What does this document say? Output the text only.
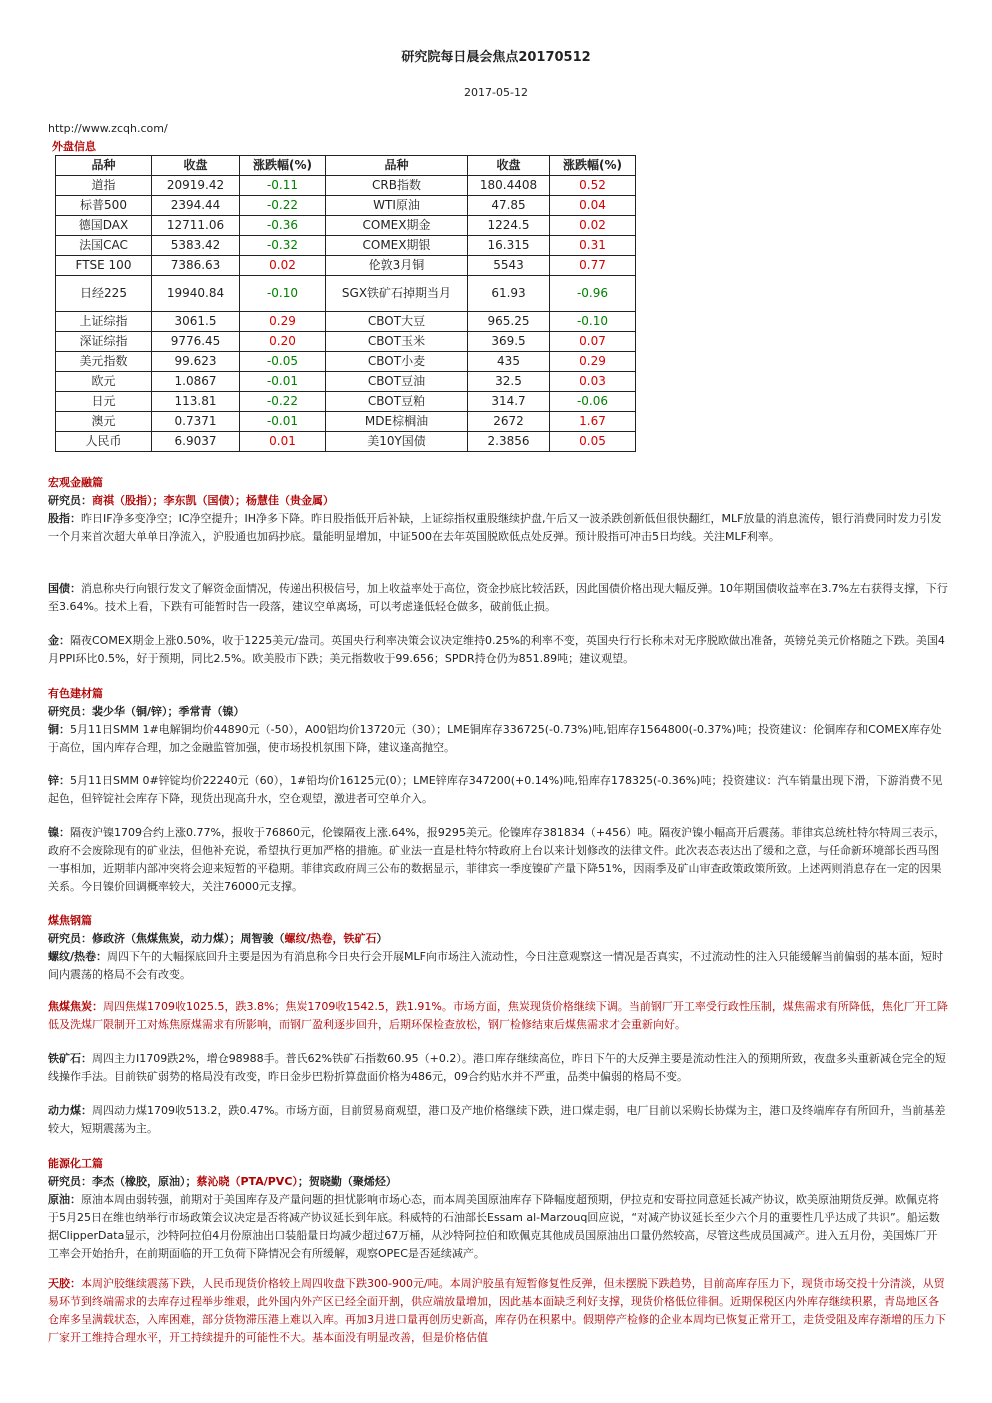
研究院每日晨会焦点20170512
2017-05-12
http://www.zcqh.com/
外盘信息
品种	收盘	涨跌幅(%)	品种	收盘	涨跌幅(%)
道指	20919.42	-0.11	CRB指数	180.4408	0.52
标普500	2394.44	-0.22	WTI原油	47.85	0.04
德国DAX	12711.06	-0.36	COMEX期金	1224.5	0.02
法国CAC	5383.42	-0.32	COMEX期银	16.315	0.31
FTSE 100	7386.63	0.02	伦敦3月铜	5543	0.77
日经225	19940.84	-0.10	SGX铁矿石掉期当月	61.93	-0.96
上证综指	3061.5	0.29	CBOT大豆	965.25	-0.10
深证综指	9776.45	0.20	CBOT玉米	369.5	0.07
美元指数	99.623	-0.05	CBOT小麦	435	0.29
欧元	1.0867	-0.01	CBOT豆油	32.5	0.03
日元	113.81	-0.22	CBOT豆粕	314.7	-0.06
澳元	0.7371	-0.01	MDE棕榈油	2672	1.67
人民币	6.9037	0.01	美10Y国债	2.3856	0.05
宏观金融篇
研究员：商祺（股指）；李东凯（国债）；杨慧佳（贵金属）

股指：昨日IF净多变净空；IC净空提升；IH净多下降。昨日股指低开后补缺，上证综指权重股继续护盘,午后又一波杀跌创新低但很快翻红，MLF放量的消息流传，银行消费同时发力引发一个月来首次超大单单日净流入，沪股通也加码抄底。量能明显增加，中证500在去年英国脱欧低点处反弹。预计股指可冲击5日均线。关注MLF利率。

国债：消息称央行向银行发文了解资金面情况，传递出积极信号，加上收益率处于高位，资金抄底比较活跃，因此国债价格出现大幅反弹。10年期国债收益率在3.7%左右获得支撑，下行至3.64%。技术上看，下跌有可能暂时告一段落，建议空单离场，可以考虑逢低轻仓做多，破前低止损。

金：隔夜COMEX期金上涨0.50%，收于1225美元/盎司。英国央行利率决策会议决定维持0.25%的利率不变，英国央行行长称未对无序脱欧做出准备，英镑兑美元价格随之下跌。美国4月PPI环比0.5%，好于预期，同比2.5%。欧美股市下跌；美元指数收于99.656；SPDR持仓仍为851.89吨；建议观望。

有色建材篇
研究员：裴少华（铜/锌）；季常青（镍）

铜：5月11日SMM 1#电解铜均价44890元（-50），A00铝均价13720元（30）；LME铜库存336725(-0.73%)吨,铝库存1564800(-0.37%)吨；投资建议：伦铜库存和COMEX库存处于高位，国内库存合理，加之金融监管加强，使市场投机氛围下降，建议逢高抛空。

锌：5月11日SMM 0#锌锭均价22240元（60），1#铅均价16125元(0）；LME锌库存347200(+0.14%)吨,铅库存178325(-0.36%)吨；投资建议：汽车销量出现下滑，下游消费不见起色，但锌锭社会库存下降，现货出现高升水，空仓观望，激进者可空单介入。

镍：隔夜沪镍1709合约上涨0.77%，报收于76860元，伦镍隔夜上涨.64%，报9295美元。伦镍库存381834（+456）吨。隔夜沪镍小幅高开后震荡。菲律宾总统杜特尔特周三表示，政府不会废除现有的矿业法，但他补充说，希望执行更加严格的措施。矿业法一直是杜特尔特政府上台以来计划修改的法律文件。此次表态表达出了缓和之意，与任命新环境部长西马图一事相加，近期菲内部冲突将会迎来短暂的平稳期。菲律宾政府周三公布的数据显示，菲律宾一季度镍矿产量下降51%，因雨季及矿山审查政策政策所致。上述两则消息存在一定的因果关系。今日镍价回调概率较大，关注76000元支撑。

煤焦钢篇
研究员：修政济（焦煤焦炭，动力煤）；周智骏（螺纹/热卷，铁矿石）

螺纹/热卷：周四下午的大幅探底回升主要是因为有消息称今日央行会开展MLF向市场注入流动性，今日注意观察这一情况是否真实，不过流动性的注入只能缓解当前偏弱的基本面，短时间内震荡的格局不会有改变。

焦煤焦炭：周四焦煤1709收1025.5，跌3.8%；焦炭1709收1542.5，跌1.91%。市场方面，焦炭现货价格继续下调。当前钢厂开工率受行政性压制，煤焦需求有所降低，焦化厂开工降低及洗煤厂限制开工对炼焦原煤需求有所影响，而钢厂盈利逐步回升，后期环保检查放松，钢厂检修结束后煤焦需求才会重新向好。

铁矿石：周四主力I1709跌2%，增仓98988手。普氏62%铁矿石指数60.95（+0.2）。港口库存继续高位，昨日下午的大反弹主要是流动性注入的预期所致，夜盘多头重新减仓完全的短线操作手法。目前铁矿弱势的格局没有改变，昨日金步巴粉折算盘面价格为486元，09合约贴水并不严重，品类中偏弱的格局不变。

动力煤：周四动力煤1709收513.2，跌0.47%。市场方面，目前贸易商观望，港口及产地价格继续下跌，进口煤走弱，电厂目前以采购长协煤为主，港口及终端库存有所回升，当前基差较大，短期震荡为主。

能源化工篇
研究员：李杰（橡胶，原油）；蔡沁晓（PTA/PVC）；贺晓勤（聚烯烃）

原油：原油本周由弱转强，前期对于美国库存及产量问题的担忧影响市场心态，而本周美国原油库存下降幅度超预期，伊拉克和安哥拉同意延长减产协议，欧美原油期货反弹。欧佩克将于5月25日在维也纳举行市场政策会议决定是否将减产协议延长到年底。科威特的石油部长Essam al-Marzouq回应说，“对减产协议延长至少六个月的重要性几乎达成了共识”。船运数据ClipperData显示，沙特阿拉伯4月份原油出口装船量日均减少超过67万桶，从沙特阿拉伯和欧佩克其他成员国原油出口量仍然较高，尽管这些成员国减产。进入五月份，美国炼厂开工率会开始抬升，在前期面临的开工负荷下降情况会有所缓解，观察OPEC是否延续减产。

天胶：本周沪胶继续震荡下跌，人民币现货价格较上周四收盘下跌300-900元/吨。本周沪胶虽有短暂修复性反弹，但未摆脱下跌趋势，目前高库存压力下，现货市场交投十分清淡，从贸易环节到终端需求的去库存过程举步维艰，此外国内外产区已经全面开割，供应端放量增加，因此基本面缺乏利好支撑，现货价格低位徘徊。近期保税区内外库存继续积累，青岛地区各仓库多呈满载状态，入库困难，部分货物滞压港上难以入库。再加3月进口量再创历史新高，库存仍在积累中。假期停产检修的企业本周均已恢复正常开工，走货受阻及库存渐增的压力下厂家开工维持合理水平，开工持续提升的可能性不大。基本面没有明显改善，但是价格估值
